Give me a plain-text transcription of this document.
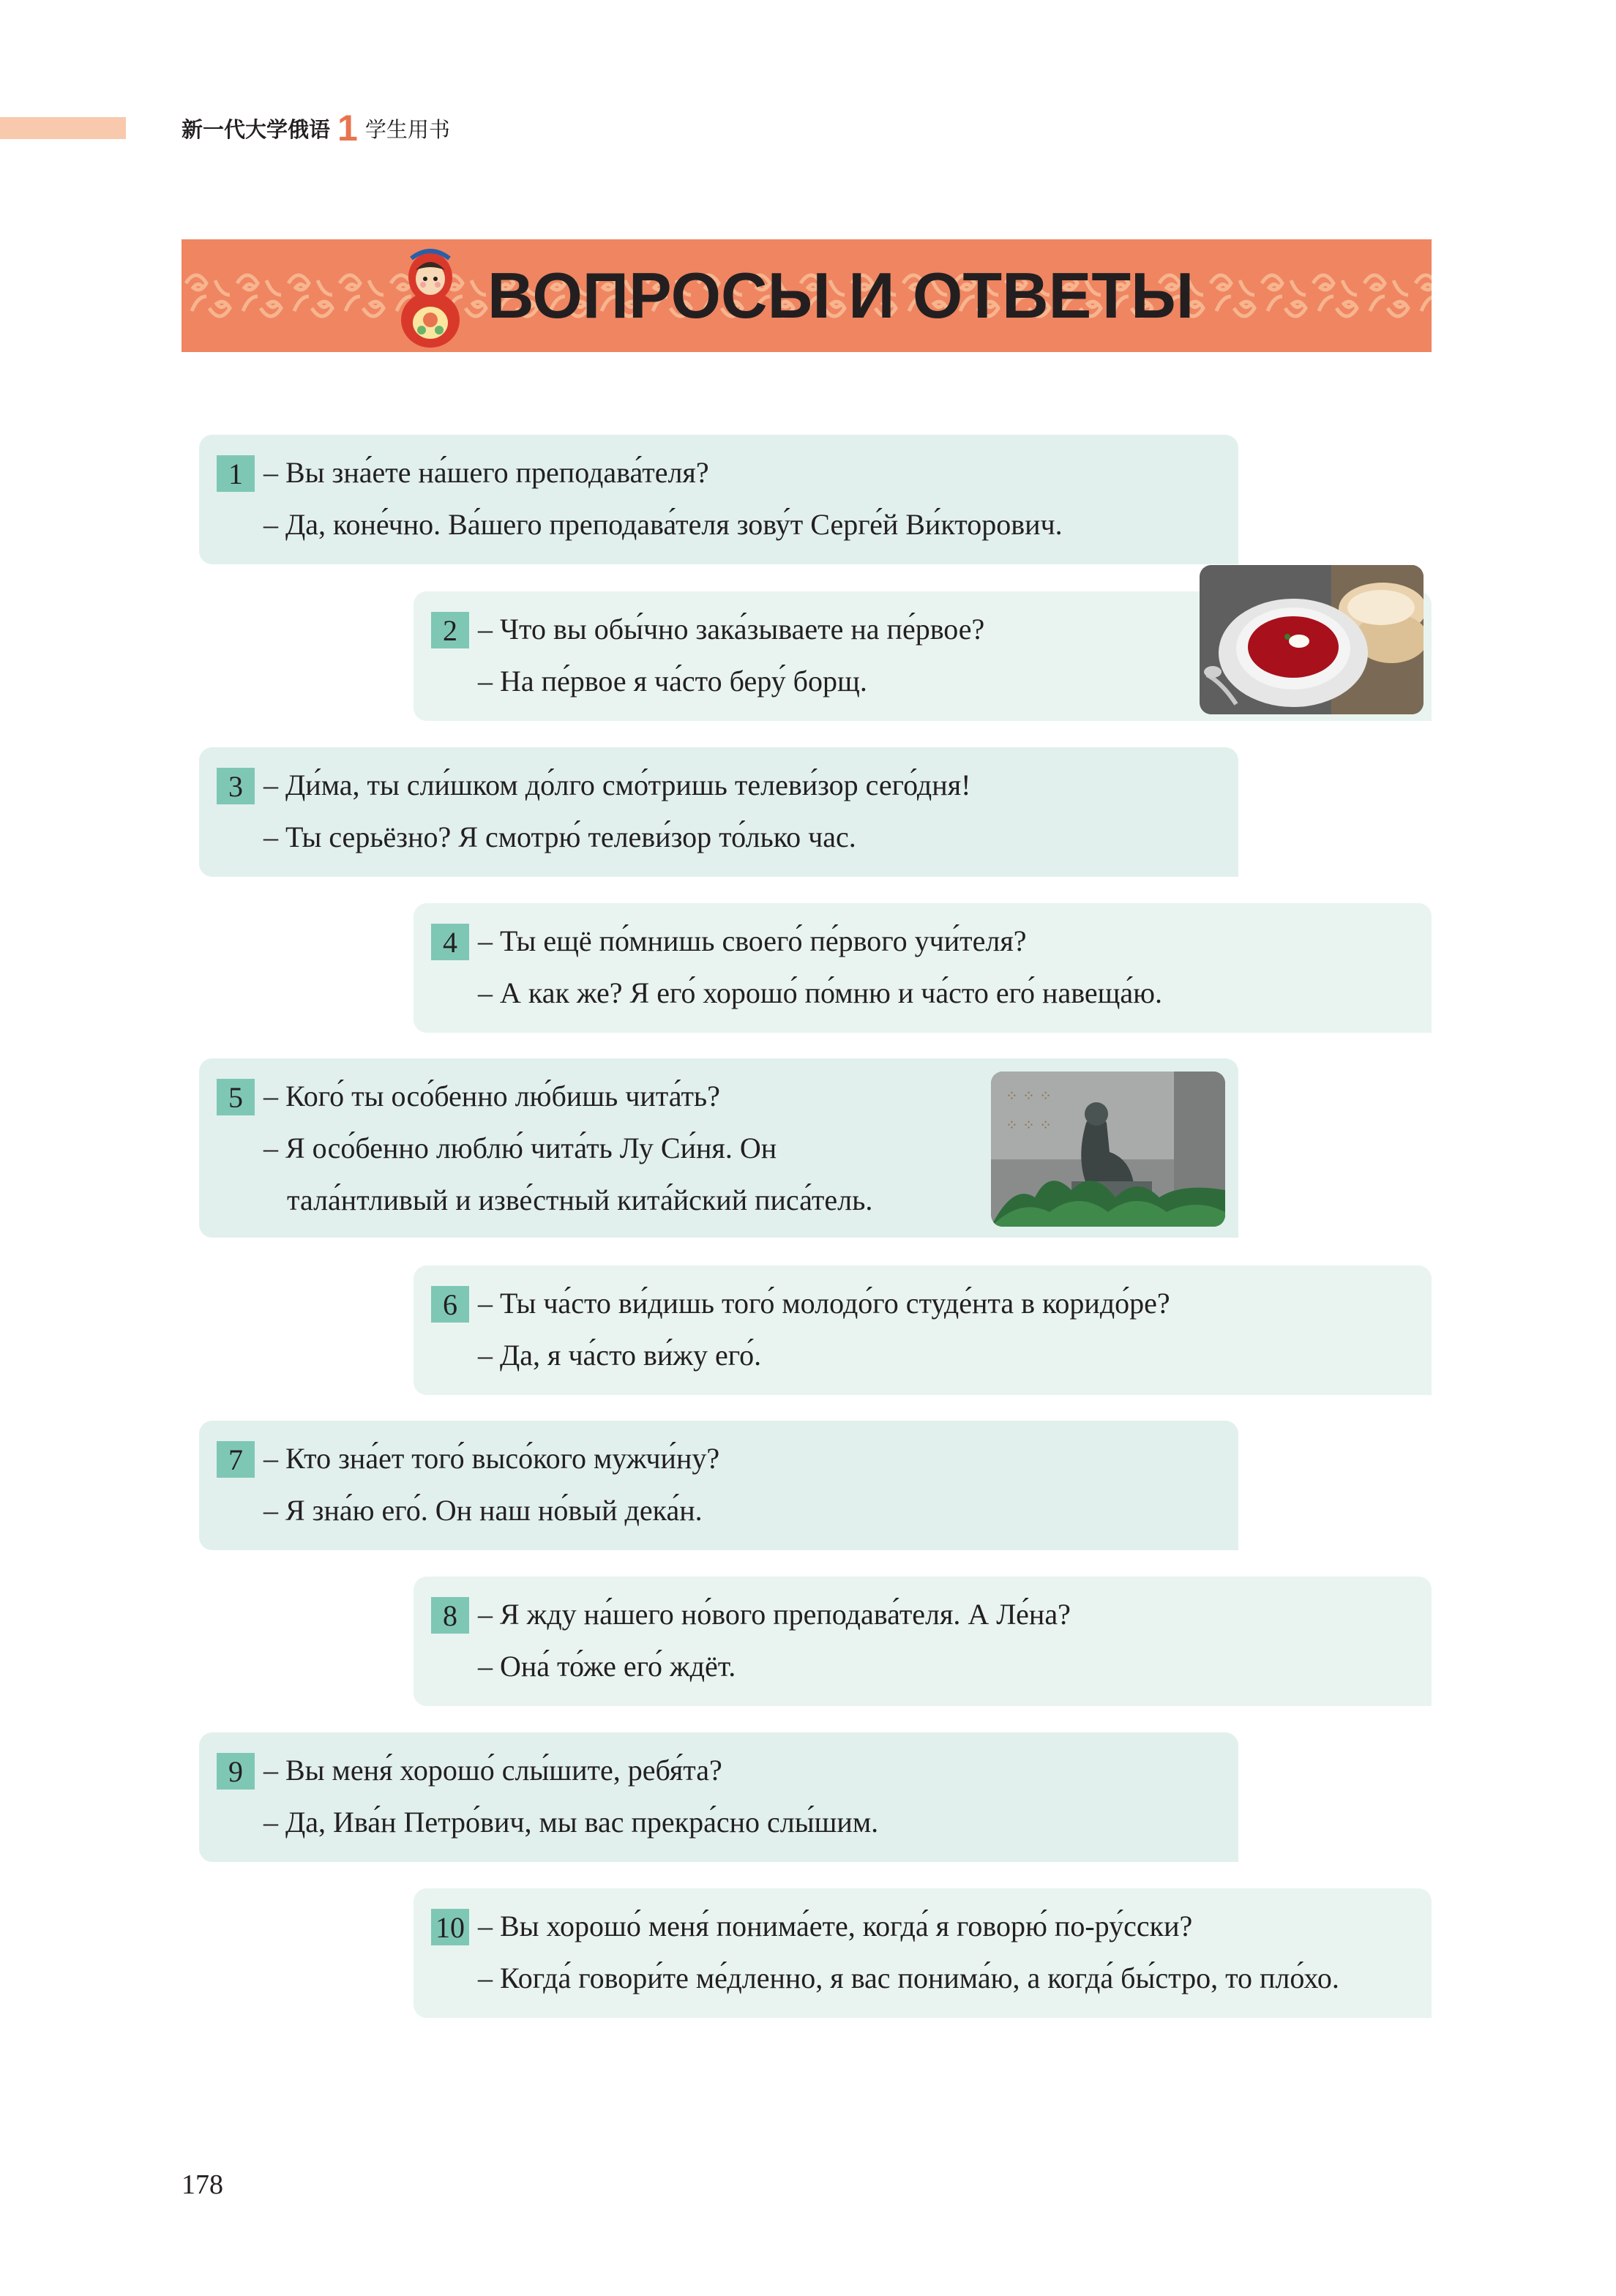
新一代大学俄语 1 学生用书
ВОПРОСЫ И ОТВЕТЫ
1 – Вы зна́ете на́шего преподава́теля?
– Да, коне́чно. Ва́шего преподава́теля зову́т Серге́й Ви́кторович.
2 – Что вы обы́чно зака́зываете на пе́рвое?
– На пе́рвое я ча́сто беру́ борщ.
3 – Ди́ма, ты сли́шком до́лго смо́тришь телеви́зор сего́дня!
– Ты серьёзно? Я смотрю́ телеви́зор то́лько час.
4 – Ты ещё по́мнишь своего́ пе́рвого учи́теля?
– А как же? Я его́ хорошо́ по́мню и ча́сто его́ навеща́ю.
5 – Кого́ ты осо́бенно лю́бишь чита́ть?
– Я осо́бенно люблю́ чита́ть Лу Си́ня. Он
тала́нтливый и изве́стный кита́йский писа́тель.
⁘ ⁘ ⁘
⁘ ⁘ ⁘
6 – Ты ча́сто ви́дишь того́ молодо́го студе́нта в коридо́ре?
– Да, я ча́сто ви́жу его́.
7 – Кто зна́ет того́ высо́кого мужчи́ну?
– Я зна́ю его́. Он наш но́вый дека́н.
8 – Я жду на́шего но́вого преподава́теля. А Ле́на?
– Она́ то́же его́ ждёт.
9 – Вы меня́ хорошо́ слы́шите, ребя́та?
– Да, Ива́н Петро́вич, мы вас прекра́сно слы́шим.
10 – Вы хорошо́ меня́ понима́ете, когда́ я говорю́ по-ру́сски?
– Когда́ говори́те ме́дленно, я вас понима́ю, а когда́ бы́стро, то пло́хо.
178
